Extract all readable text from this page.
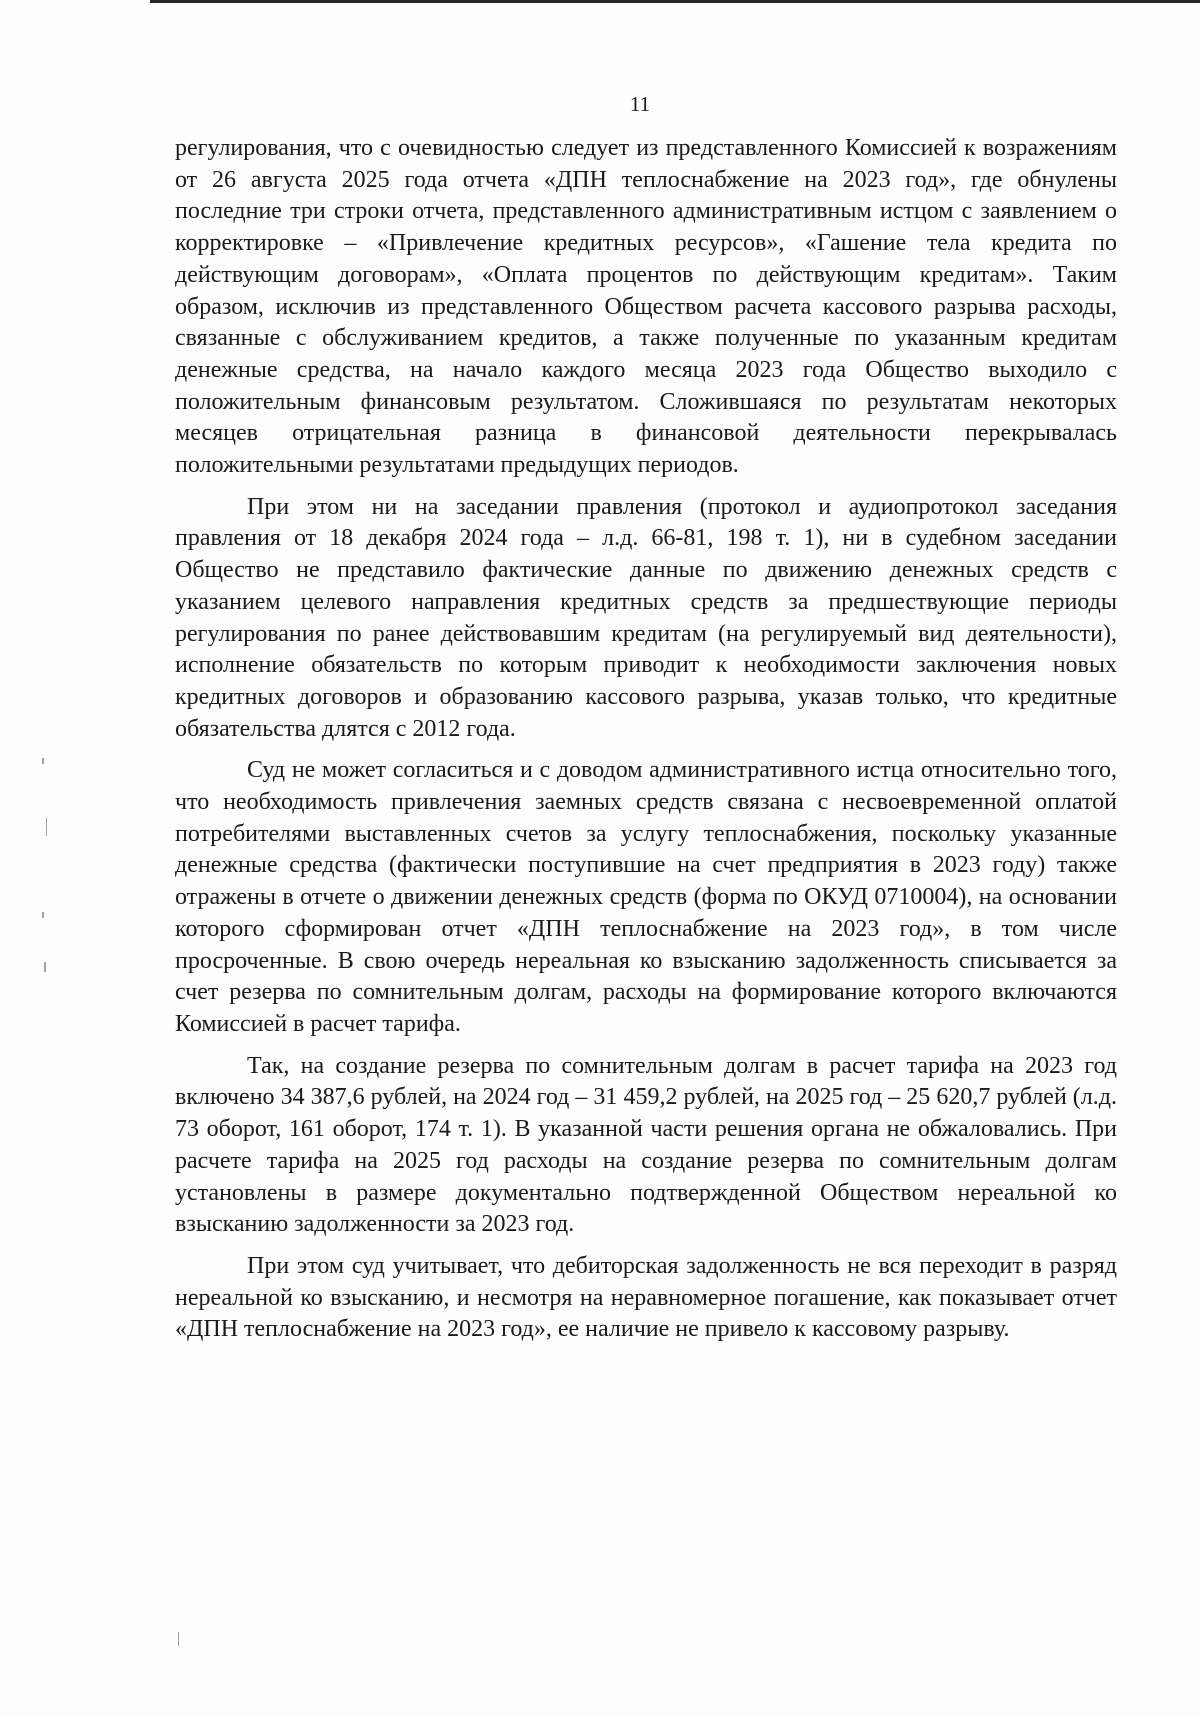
11

регулирования, что с очевидностью следует из представленного Комиссией к возражениям от 26 августа 2025 года отчета «ДПН теплоснабжение на 2023 год», где обнулены последние три строки отчета, представленного административным истцом с заявлением о корректировке – «Привлечение кредитных ресурсов», «Гашение тела кредита по действующим договорам», «Оплата процентов по действующим кредитам». Таким образом, исключив из представленного Обществом расчета кассового разрыва расходы, связанные с обслуживанием кредитов, а также полученные по указанным кредитам денежные средства, на начало каждого месяца 2023 года Общество выходило с положительным финансовым результатом. Сложившаяся по результатам некоторых месяцев отрицательная разница в финансовой деятельности перекрывалась положительными результатами предыдущих периодов.

При этом ни на заседании правления (протокол и аудиопротокол заседания правления от 18 декабря 2024 года – л.д. 66-81, 198 т. 1), ни в судебном заседании Общество не представило фактические данные по движению денежных средств с указанием целевого направления кредитных средств за предшествующие периоды регулирования по ранее действовавшим кредитам (на регулируемый вид деятельности), исполнение обязательств по которым приводит к необходимости заключения новых кредитных договоров и образованию кассового разрыва, указав только, что кредитные обязательства длятся с 2012 года.

Суд не может согласиться и с доводом административного истца относительно того, что необходимость привлечения заемных средств связана с несвоевременной оплатой потребителями выставленных счетов за услугу теплоснабжения, поскольку указанные денежные средства (фактически поступившие на счет предприятия в 2023 году) также отражены в отчете о движении денежных средств (форма по ОКУД 0710004), на основании которого сформирован отчет «ДПН теплоснабжение на 2023 год», в том числе просроченные. В свою очередь нереальная ко взысканию задолженность списывается за счет резерва по сомнительным долгам, расходы на формирование которого включаются Комиссией в расчет тарифа.

Так, на создание резерва по сомнительным долгам в расчет тарифа на 2023 год включено 34 387,6 рублей, на 2024 год – 31 459,2 рублей, на 2025 год – 25 620,7 рублей (л.д. 73 оборот, 161 оборот, 174 т. 1). В указанной части решения органа не обжаловались. При расчете тарифа на 2025 год расходы на создание резерва по сомнительным долгам установлены в размере документально подтвержденной Обществом нереальной ко взысканию задолженности за 2023 год.

При этом суд учитывает, что дебиторская задолженность не вся переходит в разряд нереальной ко взысканию, и несмотря на неравномерное погашение, как показывает отчет «ДПН теплоснабжение на 2023 год», ее наличие не привело к кассовому разрыву.
